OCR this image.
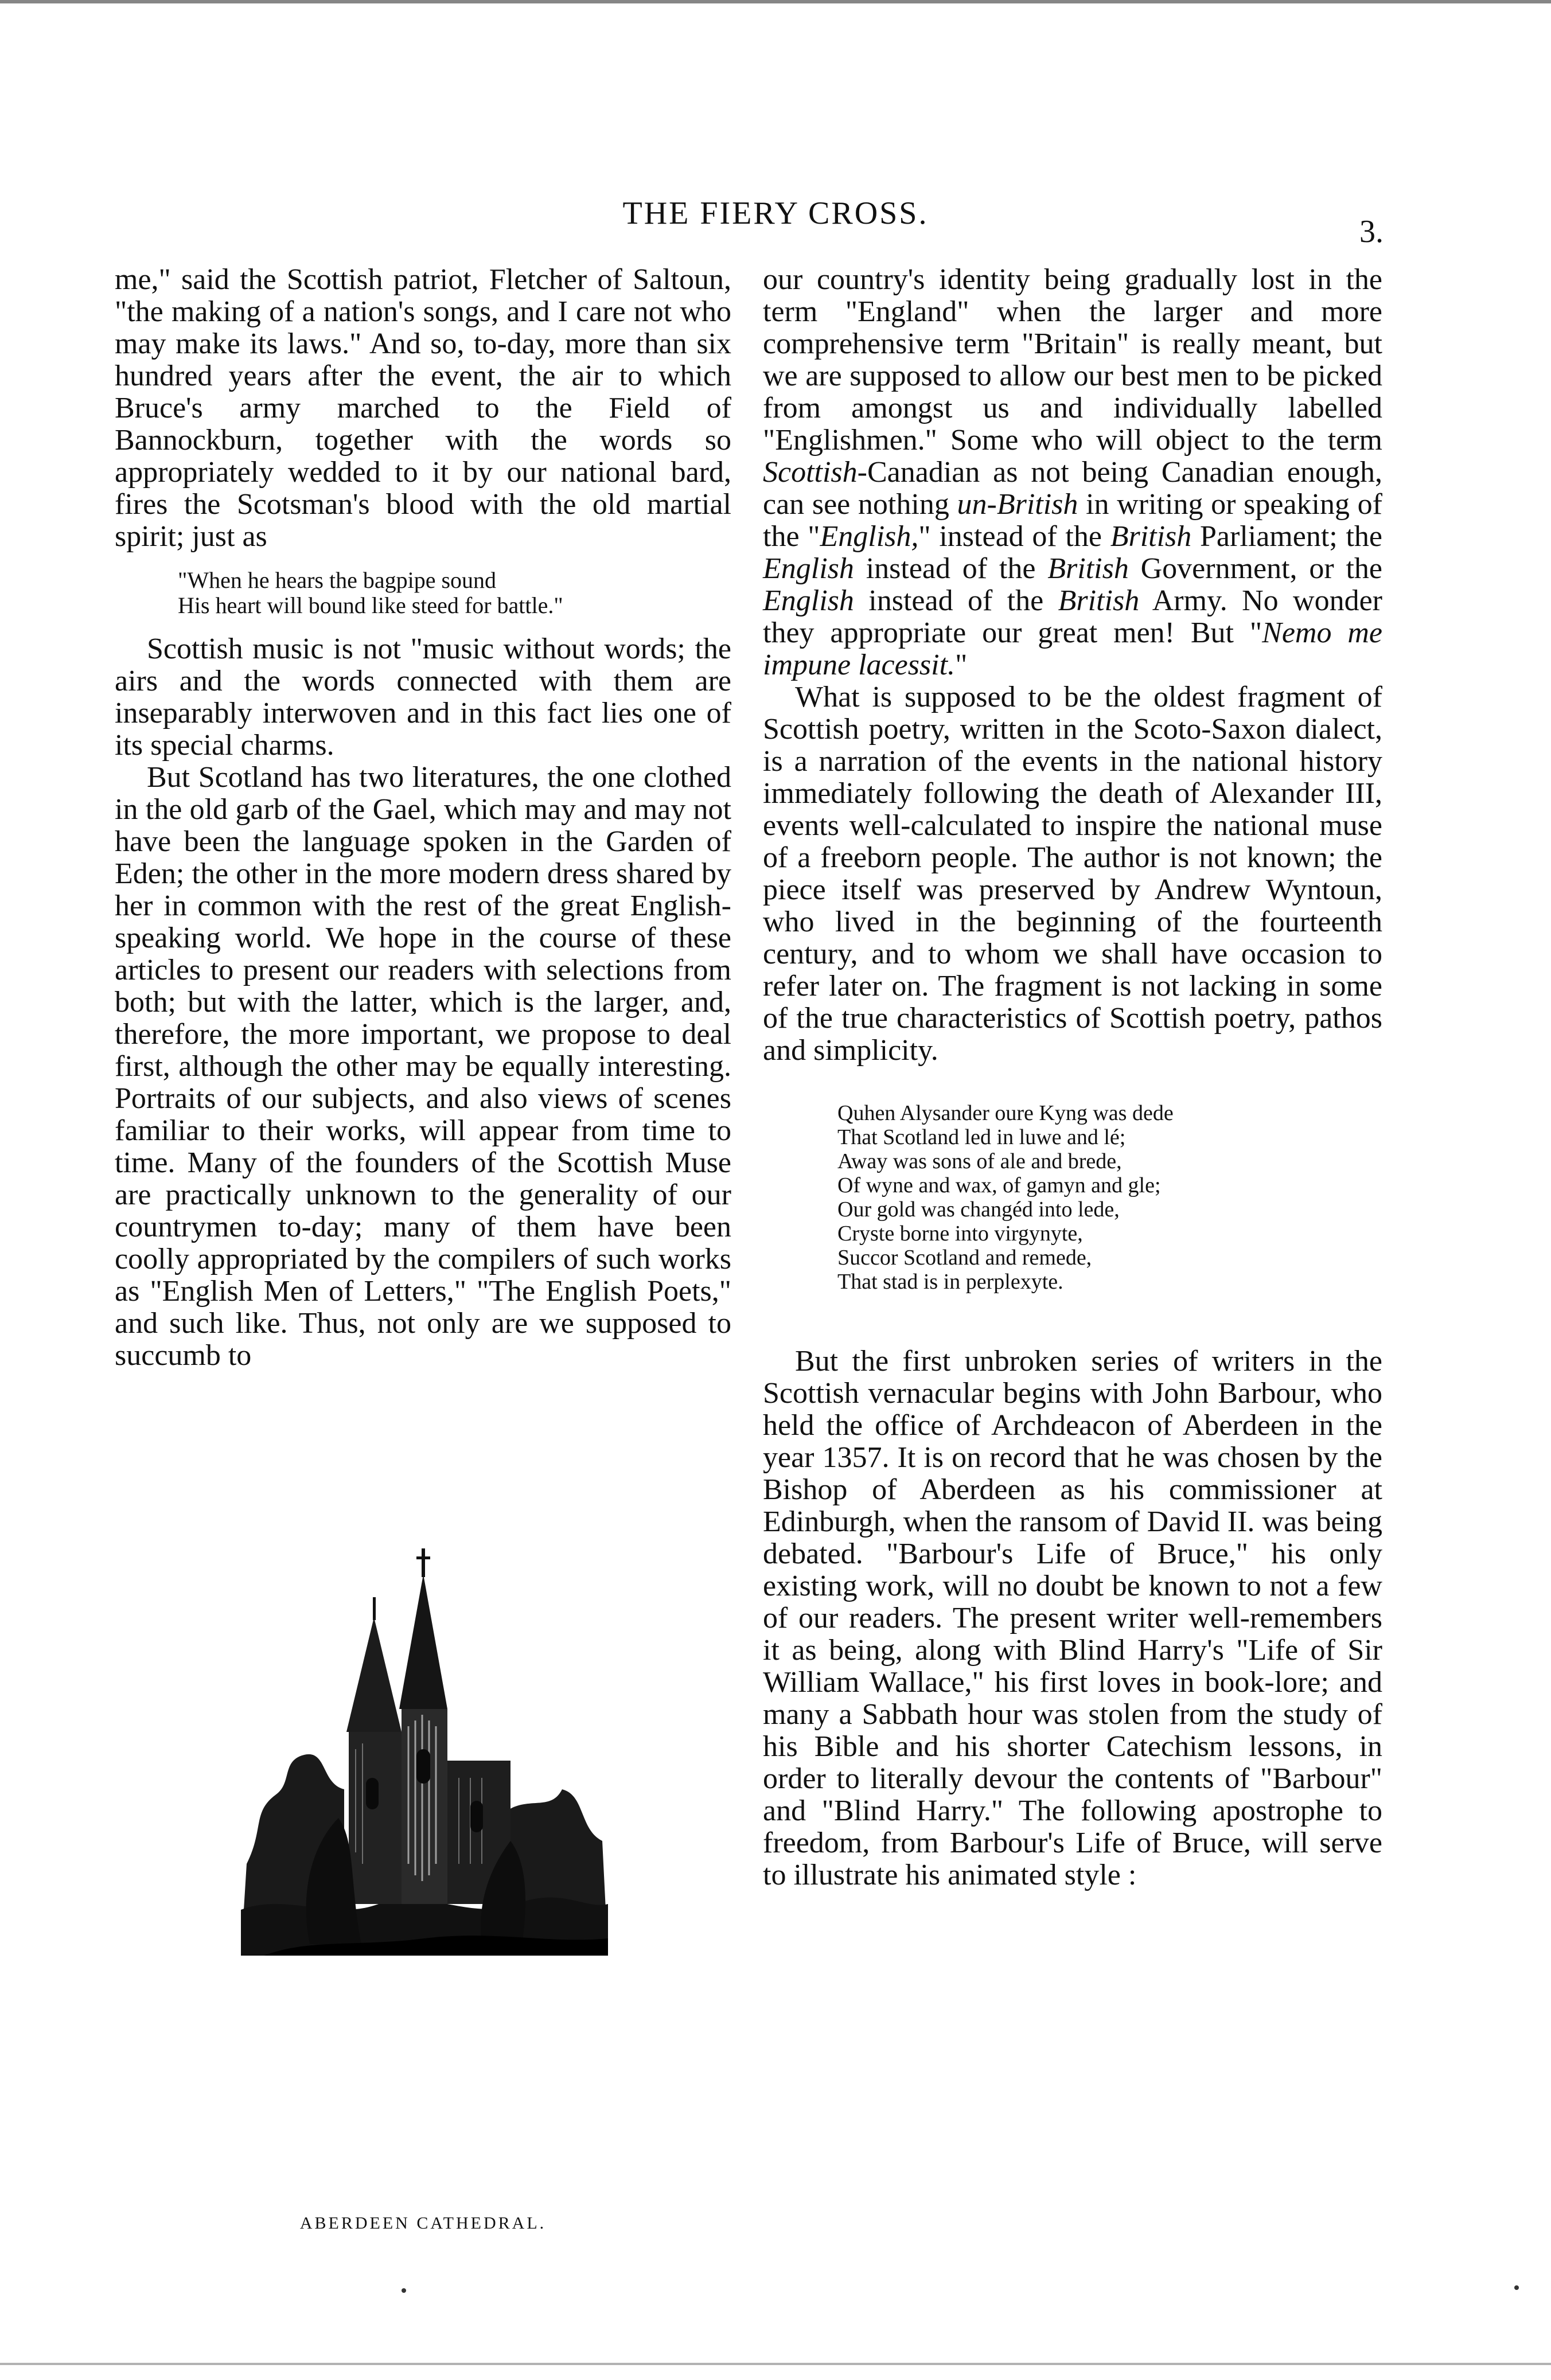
THE FIERY CROSS.
3.

me," said the Scottish patriot, Fletcher of Saltoun, "the making of a nation's songs, and I care not who may make its laws." And so, to-day, more than six hundred years after the event, the air to which Bruce's army marched to the Field of Bannockburn, together with the words so appropriately wedded to it by our national bard, fires the Scotsman's blood with the old martial spirit; just as

"When he hears the bagpipe sound
His heart will bound like steed for battle."

Scottish music is not "music without words; the airs and the words connected with them are inseparably interwoven and in this fact lies one of its special charms.

But Scotland has two literatures, the one clothed in the old garb of the Gael, which may and may not have been the language spoken in the Garden of Eden; the other in the more modern dress shared by her in common with the rest of the great English-speaking world. We hope in the course of these articles to present our readers with selections from both; but with the latter, which is the larger, and, therefore, the more important, we propose to deal first, although the other may be equally interesting. Portraits of our subjects, and also views of scenes familiar to their works, will appear from time to time. Many of the founders of the Scottish Muse are practically unknown to the generality of our countrymen to-day; many of them have been coolly appropriated by the compilers of such works as "English Men of Letters," "The English Poets," and such like. Thus, not only are we supposed to succumb to

ABERDEEN CATHEDRAL.

our country's identity being gradually lost in the term "England" when the larger and more comprehensive term "Britain" is really meant, but we are supposed to allow our best men to be picked from amongst us and individually labelled "Englishmen." Some who will object to the term Scottish-Canadian as not being Canadian enough, can see nothing un-British in writing or speaking of the "English," instead of the British Parliament; the English instead of the British Government, or the English instead of the British Army. No wonder they appropriate our great men! But "Nemo me impune lacessit."

What is supposed to be the oldest fragment of Scottish poetry, written in the Scoto-Saxon dialect, is a narration of the events in the national history immediately following the death of Alexander III, events well-calculated to inspire the national muse of a freeborn people. The author is not known; the piece itself was preserved by Andrew Wyntoun, who lived in the beginning of the fourteenth century, and to whom we shall have occasion to refer later on. The fragment is not lacking in some of the true characteristics of Scottish poetry, pathos and simplicity.

Quhen Alysander oure Kyng was dede
That Scotland led in luwe and lé;
Away was sons of ale and brede,
Of wyne and wax, of gamyn and gle;
Our gold was changéd into lede,
Cryste borne into virgynyte,
Succor Scotland and remede,
That stad is in perplexyte.

But the first unbroken series of writers in the Scottish vernacular begins with John Barbour, who held the office of Archdeacon of Aberdeen in the year 1357. It is on record that he was chosen by the Bishop of Aberdeen as his commissioner at Edinburgh, when the ransom of David II. was being debated. "Barbour's Life of Bruce," his only existing work, will no doubt be known to not a few of our readers. The present writer well-remembers it as being, along with Blind Harry's "Life of Sir William Wallace," his first loves in book-lore; and many a Sabbath hour was stolen from the study of his Bible and his shorter Catechism lessons, in order to literally devour the contents of "Barbour" and "Blind Harry." The following apostrophe to freedom, from Barbour's Life of Bruce, will serve to illustrate his animated style :
